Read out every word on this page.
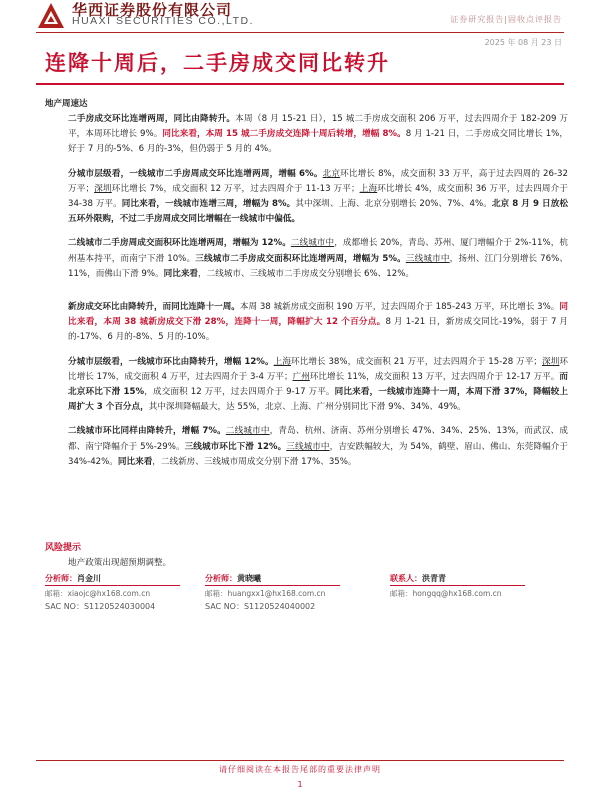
华西证券股份有限公司
HUAXI SECURITIES CO.,LTD.	证券研究报告|固收点评报告
2025 年 08 月 23 日
连降十周后，二手房成交同比转升
地产周速达

二手房成交环比连增两周，同比由降转升。本周（8 月 15-21 日），15 城二手房成交面积 206 万平，过去四周介于 182-209 万平，本周环比增长 9%。同比来看，本周 15 城二手房成交连降十周后转增，增幅 8%。8 月 1-21 日，二手房成交同比增长 1%，好于 7 月的-5%、6 月的-3%，但仍弱于 5 月的 4%。

分城市层级看，一线城市二手房周成交环比连增两周，增幅 6%。北京环比增长 8%，成交面积 33 万平，高于过去四周的 26-32 万平；深圳环比增长 7%，成交面积 12 万平，过去四周介于 11-13 万平；上海环比增长 4%，成交面积 36 万平，过去四周介于 34-38 万平。同比来看，一线城市连增三周，增幅为 8%。其中深圳、上海、北京分别增长 20%、7%、4%。北京 8 月 9 日放松五环外限购，不过二手房周成交同比增幅在一线城市中偏低。

二线城市二手房周成交面积环比连增两周，增幅为 12%。二线城市中，成都增长 20%，青岛、苏州、厦门增幅介于 2%-11%，杭州基本持平，而南宁下滑 10%。三线城市二手房成交面积环比连增两周，增幅为 5%。三线城市中，扬州、江门分别增长 76%、11%，而佛山下滑 9%。同比来看，二线城市、三线城市二手房成交分别增长 6%、12%。

新房成交环比由降转升，而同比连降十一周。本周 38 城新房成交面积 190 万平，过去四周介于 185-243 万平，环比增长 3%。同比来看，本周 38 城新房成交下滑 28%，连降十一周，降幅扩大 12 个百分点。8 月 1-21 日，新房成交同比-19%，弱于 7 月的-17%、6 月的-8%、5 月的-10%。

分城市层级看，一线城市环比由降转升，增幅 12%。上海环比增长 38%，成交面积 21 万平，过去四周介于 15-28 万平；深圳环比增长 17%，成交面积 4 万平，过去四周介于 3-4 万平；广州环比增长 11%，成交面积 13 万平，过去四周介于 12-17 万平。而北京环比下滑 15%，成交面积 12 万平，过去四周介于 9-17 万平。同比来看，一线城市连降十一周，本周下滑 37%，降幅较上周扩大 3 个百分点，其中深圳降幅最大，达 55%，北京、上海、广州分别同比下滑 9%、34%、49%。

二线城市环比同样由降转升，增幅 7%。二线城市中，青岛、杭州、济南、苏州分别增长 47%、34%、25%、13%，而武汉、成都、南宁降幅介于 5%-29%。三线城市环比下滑 12%。三线城市中，吉安跌幅较大，为 54%，鹤壁、眉山、佛山、东莞降幅介于 34%-42%。同比来看，二线新房、三线城市周成交分别下滑 17%、35%。

风险提示
地产政策出现超预期调整。
分析师：肖金川
邮箱：xiaojc@hx168.com.cn
SAC NO：S1120524030004
分析师：黄晓曦
邮箱：huangxx1@hx168.com.cn
SAC NO：S1120524040002
联系人：洪青青
邮箱：hongqq@hx168.com.cn
请仔细阅读在本报告尾部的重要法律声明
1
